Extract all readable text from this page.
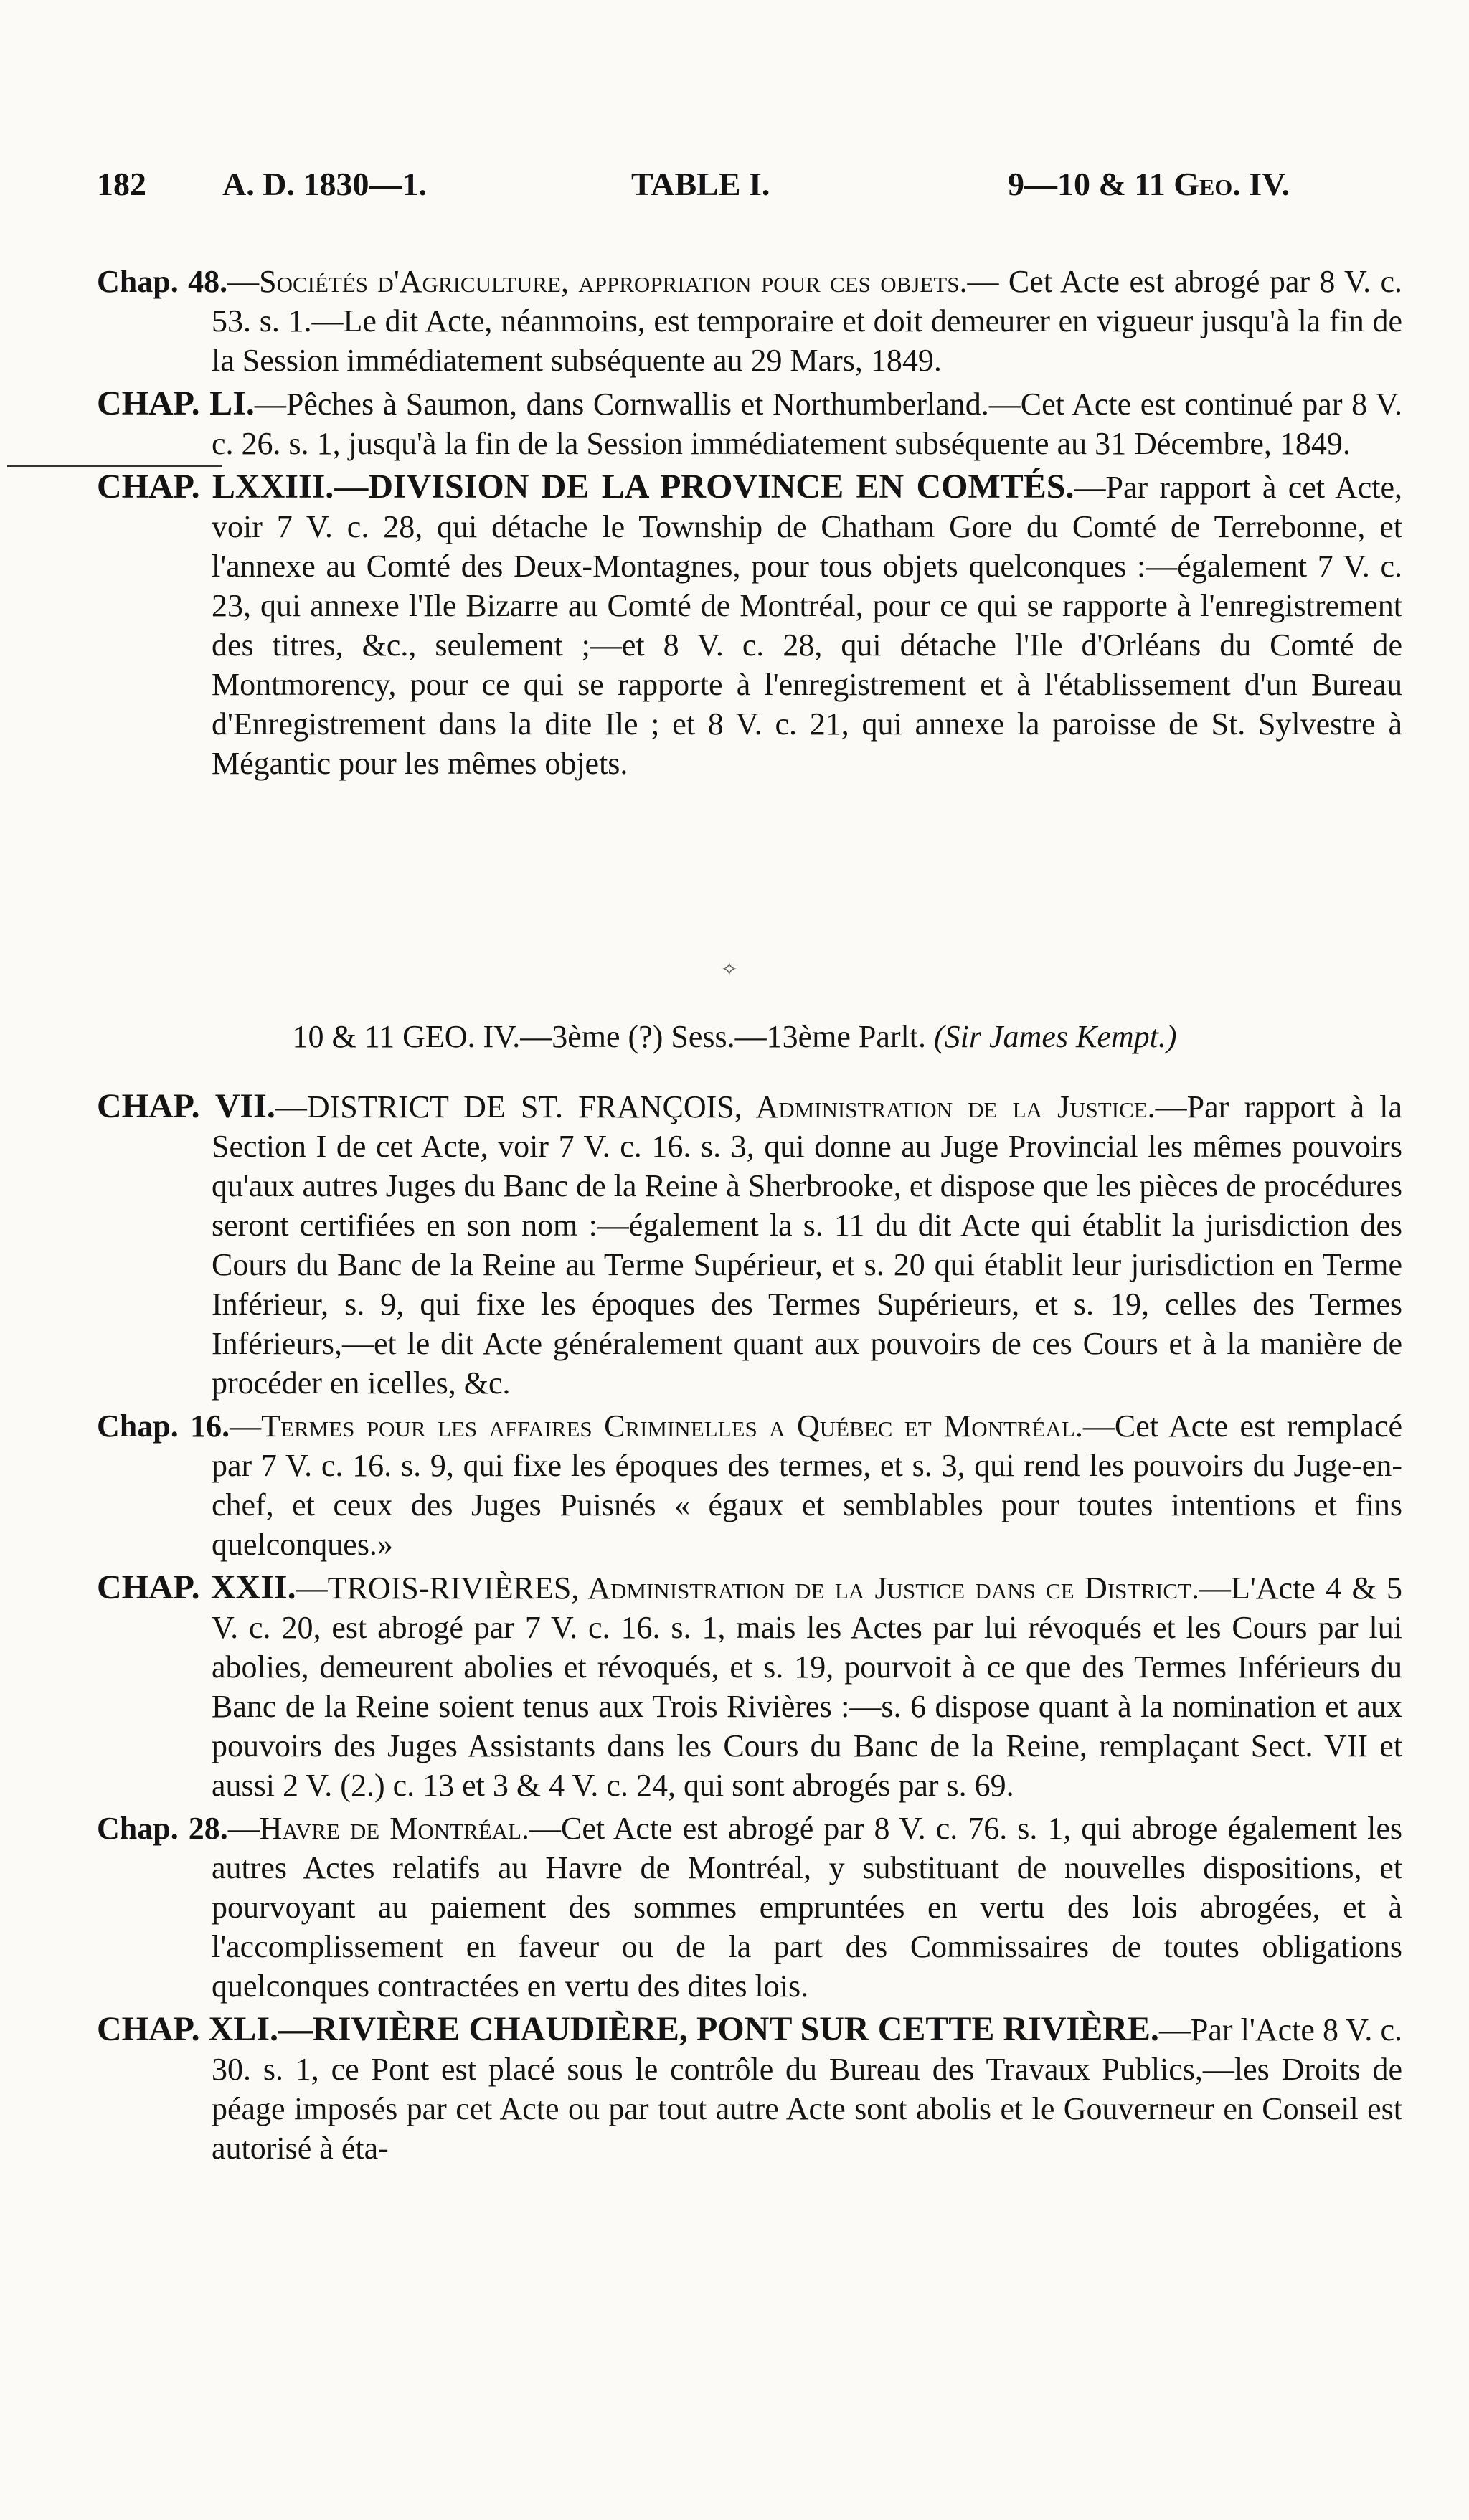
182 A. D. 1830—1.	TABLE I.	9—10 & 11 Geo. IV.

Chap. 48.—Sociétés d'Agriculture, appropriation pour ces objets.— Cet Acte est abrogé par 8 V. c. 53. s. 1.—Le dit Acte, néanmoins, est temporaire et doit demeurer en vigueur jusqu'à la fin de la Session immédiatement subséquente au 29 Mars, 1849.

CHAP. LI.—Pêches à Saumon, dans Cornwallis et Northumberland.—Cet Acte est continué par 8 V. c. 26. s. 1, jusqu'à la fin de la Session immédiatement subséquente au 31 Décembre, 1849.

CHAP. LXXIII.—DIVISION DE LA PROVINCE EN COMTÉS.—Par rapport à cet Acte, voir 7 V. c. 28, qui détache le Township de Chatham Gore du Comté de Terrebonne, et l'annexe au Comté des Deux-Montagnes, pour tous objets quelconques :—également 7 V. c. 23, qui annexe l'Ile Bizarre au Comté de Montréal, pour ce qui se rapporte à l'enregistrement des titres, &c., seulement ;—et 8 V. c. 28, qui détache l'Ile d'Orléans du Comté de Montmorency, pour ce qui se rapporte à l'enregistrement et à l'établissement d'un Bureau d'Enregistrement dans la dite Ile ; et 8 V. c. 21, qui annexe la paroisse de St. Sylvestre à Mégantic pour les mêmes objets.

✧
10 & 11 GEO. IV.—3ème (?) Sess.—13ème Parlt. (Sir James Kempt.)

CHAP. VII.—DISTRICT DE ST. FRANÇOIS, Administration de la Justice.—Par rapport à la Section I de cet Acte, voir 7 V. c. 16. s. 3, qui donne au Juge Provincial les mêmes pouvoirs qu'aux autres Juges du Banc de la Reine à Sherbrooke, et dispose que les pièces de procédures seront certifiées en son nom :—également la s. 11 du dit Acte qui établit la jurisdiction des Cours du Banc de la Reine au Terme Supérieur, et s. 20 qui établit leur jurisdiction en Terme Inférieur, s. 9, qui fixe les époques des Termes Supérieurs, et s. 19, celles des Termes Inférieurs,—et le dit Acte généralement quant aux pouvoirs de ces Cours et à la manière de procéder en icelles, &c.

Chap. 16.—Termes pour les affaires Criminelles a Québec et Montréal.—Cet Acte est remplacé par 7 V. c. 16. s. 9, qui fixe les époques des termes, et s. 3, qui rend les pouvoirs du Juge-en-chef, et ceux des Juges Puisnés « égaux et semblables pour toutes intentions et fins quelconques.»

CHAP. XXII.—TROIS-RIVIÈRES, Administration de la Justice dans ce District.—L'Acte 4 & 5 V. c. 20, est abrogé par 7 V. c. 16. s. 1, mais les Actes par lui révoqués et les Cours par lui abolies, demeurent abolies et révoqués, et s. 19, pourvoit à ce que des Termes Inférieurs du Banc de la Reine soient tenus aux Trois Rivières :—s. 6 dispose quant à la nomination et aux pouvoirs des Juges Assistants dans les Cours du Banc de la Reine, remplaçant Sect. VII et aussi 2 V. (2.) c. 13 et 3 & 4 V. c. 24, qui sont abrogés par s. 69.

Chap. 28.—Havre de Montréal.—Cet Acte est abrogé par 8 V. c. 76. s. 1, qui abroge également les autres Actes relatifs au Havre de Montréal, y substituant de nouvelles dispositions, et pourvoyant au paiement des sommes empruntées en vertu des lois abrogées, et à l'accomplissement en faveur ou de la part des Commissaires de toutes obligations quelconques contractées en vertu des dites lois.

CHAP. XLI.—RIVIÈRE CHAUDIÈRE, PONT SUR CETTE RIVIÈRE.—Par l'Acte 8 V. c. 30. s. 1, ce Pont est placé sous le contrôle du Bureau des Travaux Publics,—les Droits de péage imposés par cet Acte ou par tout autre Acte sont abolis et le Gouverneur en Conseil est autorisé à éta-
